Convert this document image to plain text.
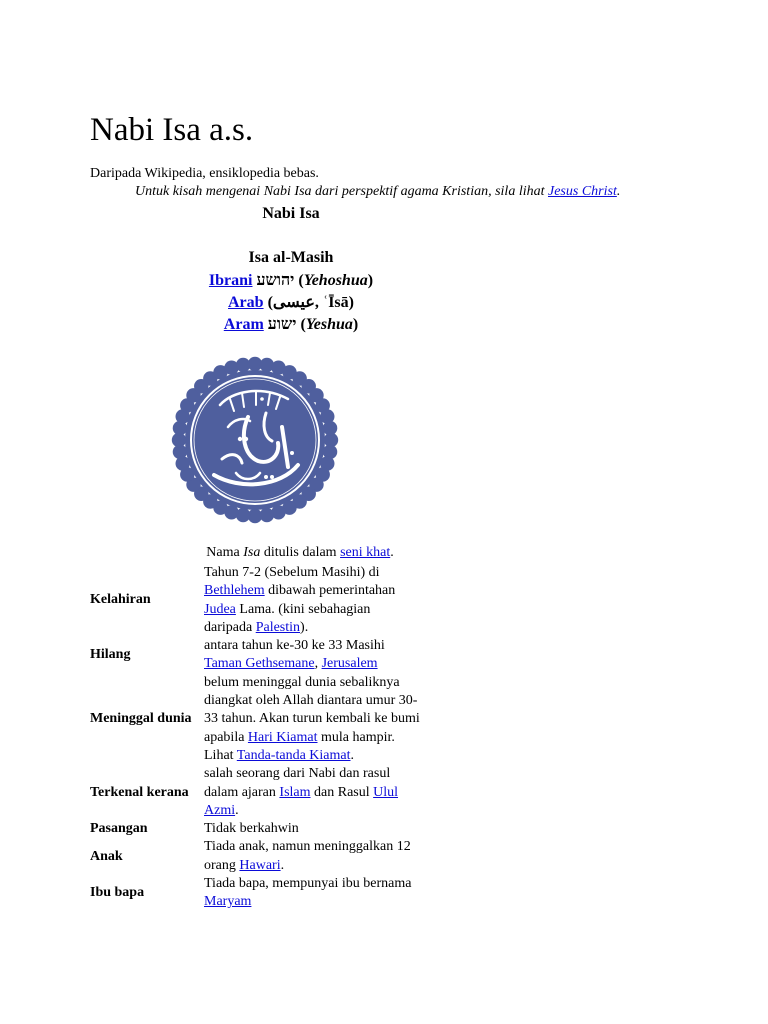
Nabi Isa a.s.
Daripada Wikipedia, ensiklopedia bebas.
Untuk kisah mengenai Nabi Isa dari perspektif agama Kristian, sila lihat Jesus Christ.
Nabi Isa
Isa al-Masih
Ibrani יהושע (Yehoshua)
Arab (عيسى, ʿĪsā)
Aram ישוע (Yeshua)
Nama Isa ditulis dalam seni khat.
Kelahiran	Tahun 7-2 (Sebelum Masihi) di Bethlehem dibawah pemerintahan Judea Lama. (kini sebahagian daripada Palestin).
Hilang	antara tahun ke-30 ke 33 Masihi Taman Gethsemane, Jerusalem
Meninggal dunia	belum meninggal dunia sebaliknya diangkat oleh Allah diantara umur 30-33 tahun. Akan turun kembali ke bumi apabila Hari Kiamat mula hampir. Lihat Tanda-tanda Kiamat.
Terkenal kerana	salah seorang dari Nabi dan rasul dalam ajaran Islam dan Rasul Ulul Azmi.
Pasangan	Tidak berkahwin
Anak	Tiada anak, namun meninggalkan 12 orang Hawari.
Ibu bapa	Tiada bapa, mempunyai ibu bernama Maryam
